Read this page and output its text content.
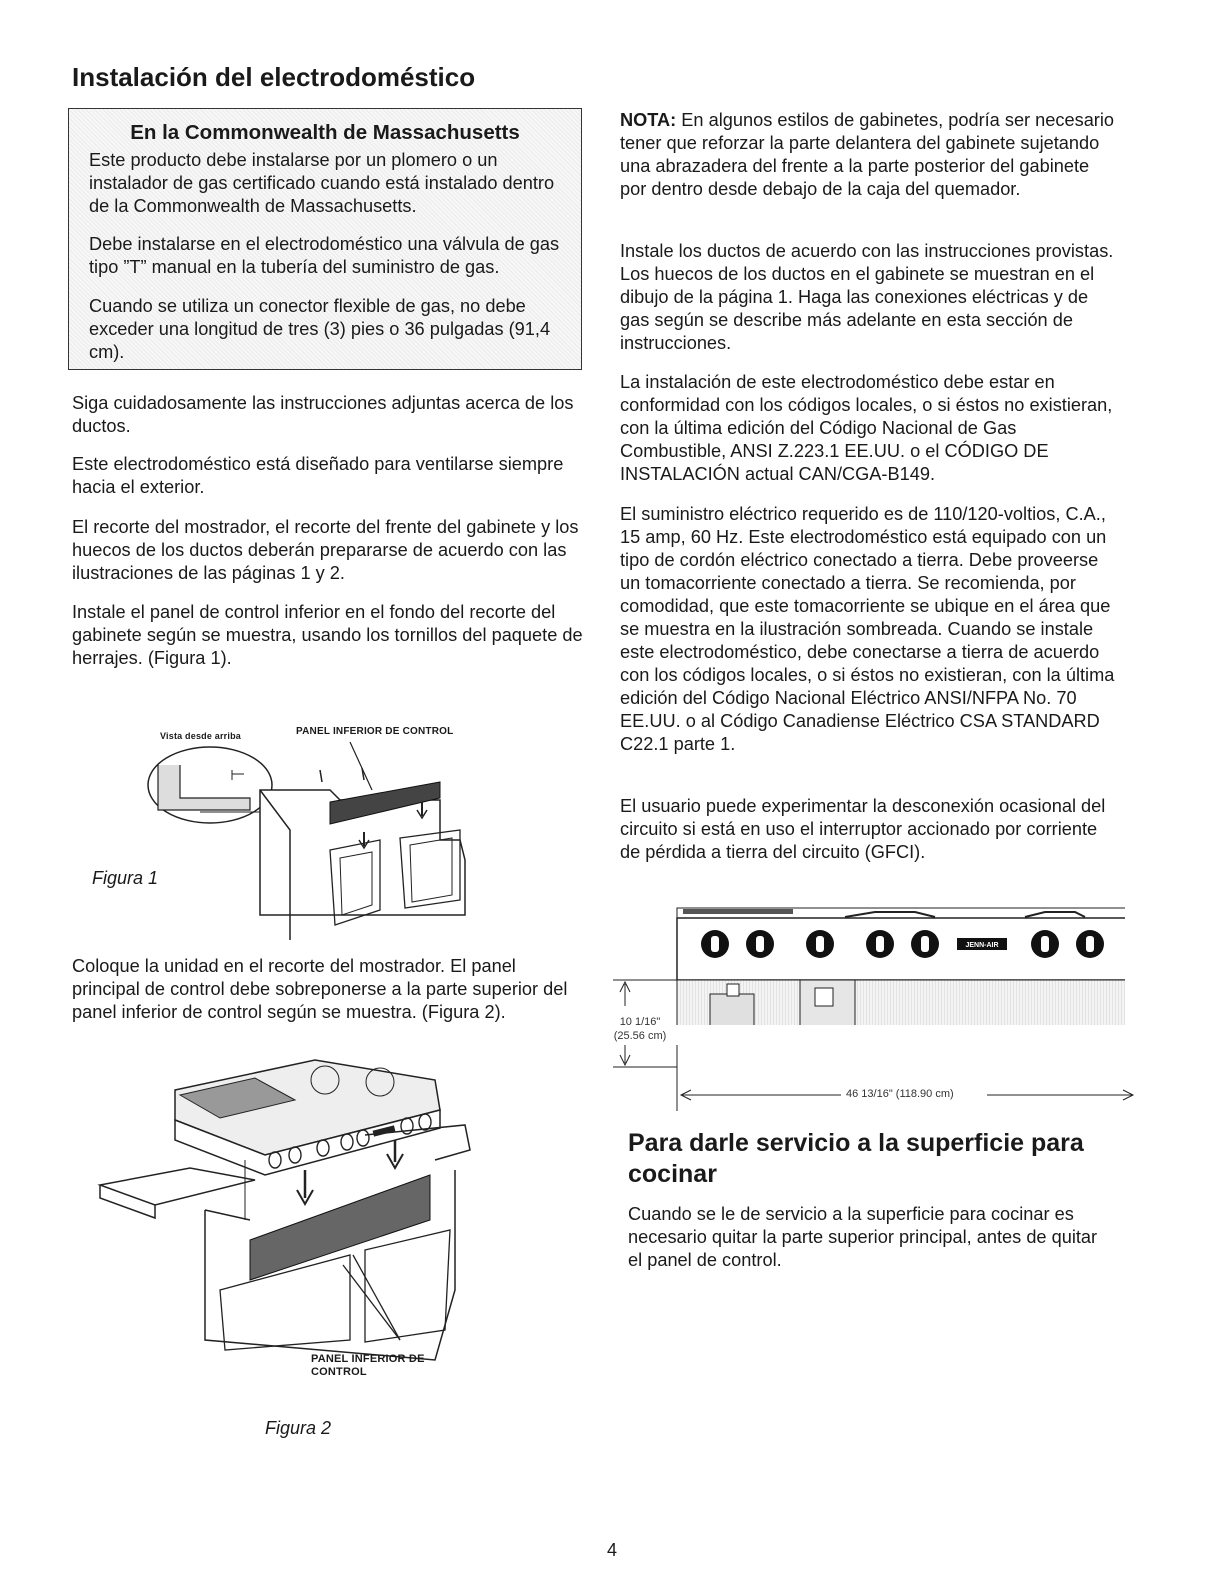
Instalación del electrodoméstico
En la Commonwealth de Massachusetts

Este producto debe instalarse por un plomero o un instalador de gas certificado cuando está instalado dentro de la Commonwealth de Massachusetts.

Debe instalarse en el electrodoméstico una válvula de gas tipo ”T” manual en la tubería del suministro de gas.

Cuando se utiliza un conector flexible de gas, no debe exceder una longitud de tres (3) pies o 36 pulgadas (91,4 cm).

Siga cuidadosamente las instrucciones adjuntas acerca de los ductos.

Este electrodoméstico está diseñado para ventilarse siempre hacia el exterior.

El recorte del mostrador, el recorte del frente del gabinete y los huecos de los ductos deberán prepararse de acuerdo con las ilustraciones de las páginas 1 y 2.

Instale el panel de control inferior en el fondo del recorte del gabinete según se muestra, usando los tornillos del paquete de herrajes. (Figura 1).

Coloque la unidad en el recorte del mostrador. El panel principal de control debe sobreponerse a la parte superior del panel inferior de control según se muestra. (Figura 2).

Vista desde arriba	PANEL INFERIOR DE CONTROL
Figura 1
PANEL INFERIOR DE
CONTROL
Figura 2

NOTA: En algunos estilos de gabinetes, podría ser necesario tener que reforzar la parte delantera del gabinete sujetando una abrazadera del frente a la parte posterior del gabinete por dentro desde debajo de la caja del quemador.

Instale los ductos de acuerdo con las instrucciones provistas. Los huecos de los ductos en el gabinete se muestran en el dibujo de la página 1. Haga las conexiones eléctricas y de gas según se describe más adelante en esta sección de instrucciones.

La instalación de este electrodoméstico debe estar en conformidad con los códigos locales, o si éstos no existieran, con la última edición del Código Nacional de Gas Combustible, ANSI Z.223.1 EE.UU. o el CÓDIGO DE INSTALACIÓN actual CAN/CGA-B149.

El suministro eléctrico requerido es de 110/120-voltios, C.A., 15 amp, 60 Hz. Este electrodoméstico está equipado con un tipo de cordón eléctrico conectado a tierra. Debe proveerse un tomacorriente conectado a tierra. Se recomienda, por comodidad, que este tomacorriente se ubique en el área que se muestra en la ilustración sombreada. Cuando se instale este electrodoméstico, debe conectarse a tierra de acuerdo con los códigos locales, o si éstos no existieran, con la última edición del Código Nacional Eléctrico ANSI/NFPA No. 70 EE.UU. o al Código Canadiense Eléctrico CSA STANDARD C22.1 parte 1.

El usuario puede experimentar la desconexión ocasional del circuito si está en uso el interruptor accionado por corriente de pérdida a tierra del circuito (GFCI).

JENN-AIR
10 1/16"
(25.56 cm)
46 13/16" (118.90 cm)
Para darle servicio a la superficie para cocinar

Cuando se le de servicio a la superficie para cocinar es necesario quitar la parte superior principal, antes de quitar el panel de control.

4
